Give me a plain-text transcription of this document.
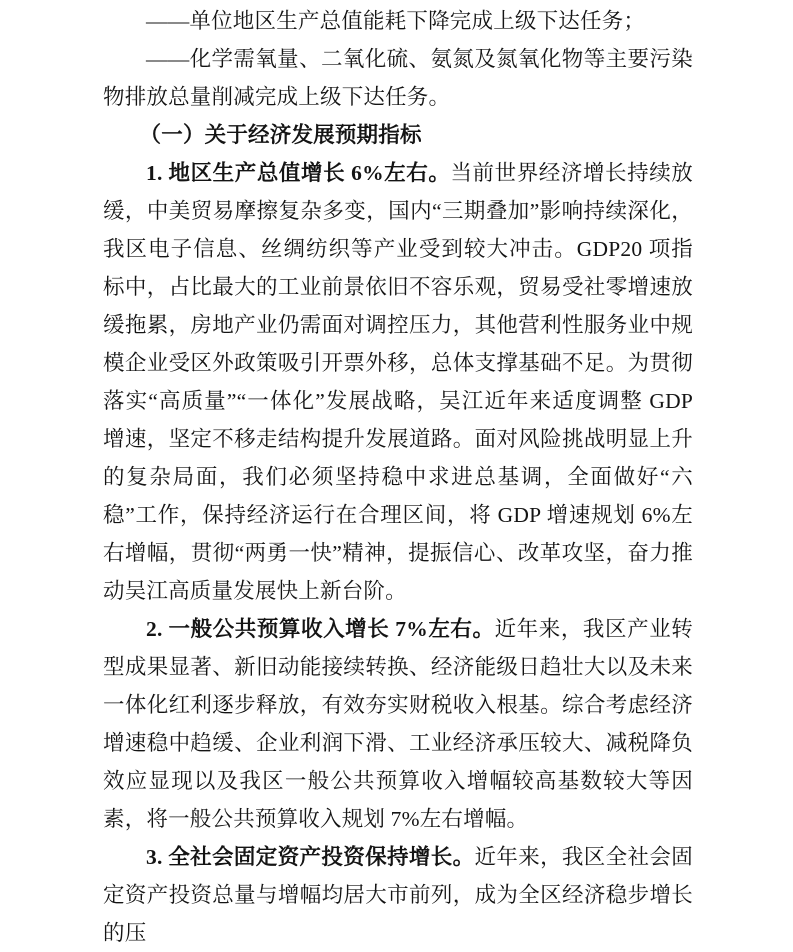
——单位地区生产总值能耗下降完成上级下达任务；

——化学需氧量、二氧化硫、氨氮及氮氧化物等主要污染物排放总量削减完成上级下达任务。

（一）关于经济发展预期指标

1. 地区生产总值增长 6%左右。当前世界经济增长持续放缓，中美贸易摩擦复杂多变，国内“三期叠加”影响持续深化，我区电子信息、丝绸纺织等产业受到较大冲击。GDP20 项指标中，占比最大的工业前景依旧不容乐观，贸易受社零增速放缓拖累，房地产业仍需面对调控压力，其他营利性服务业中规模企业受区外政策吸引开票外移，总体支撑基础不足。为贯彻落实“高质量”“一体化”发展战略，吴江近年来适度调整 GDP 增速，坚定不移走结构提升发展道路。面对风险挑战明显上升的复杂局面，我们必须坚持稳中求进总基调，全面做好“六稳”工作，保持经济运行在合理区间，将 GDP 增速规划 6%左右增幅，贯彻“两勇一快”精神，提振信心、改革攻坚，奋力推动吴江高质量发展快上新台阶。

2. 一般公共预算收入增长 7%左右。近年来，我区产业转型成果显著、新旧动能接续转换、经济能级日趋壮大以及未来一体化红利逐步释放，有效夯实财税收入根基。综合考虑经济增速稳中趋缓、企业利润下滑、工业经济承压较大、减税降负效应显现以及我区一般公共预算收入增幅较高基数较大等因素，将一般公共预算收入规划 7%左右增幅。

3. 全社会固定资产投资保持增长。近年来，我区全社会固定资产投资总量与增幅均居大市前列，成为全区经济稳步增长的压
